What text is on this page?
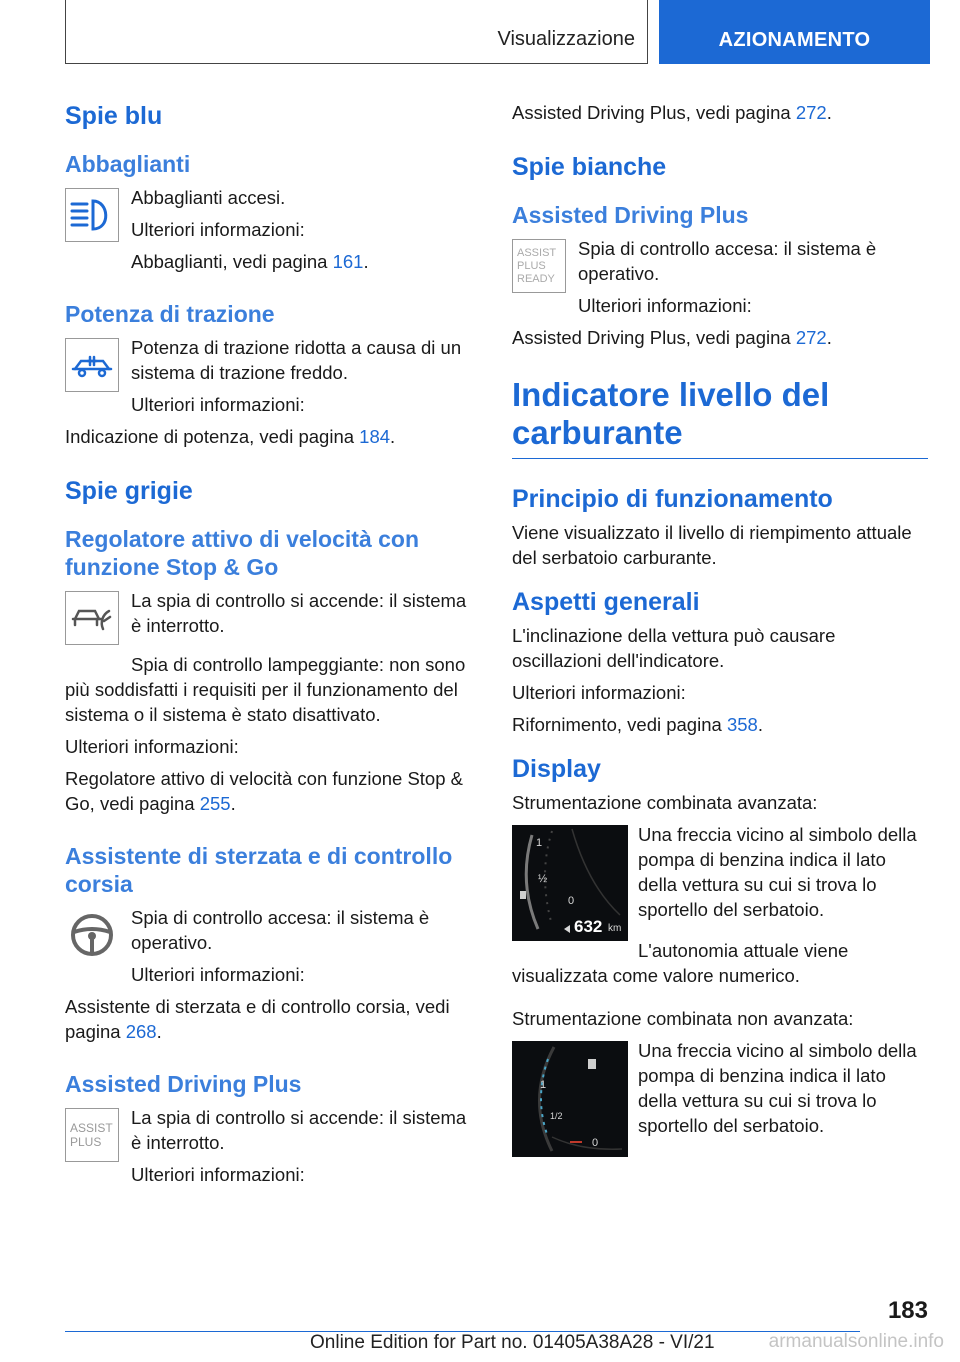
Visualizzazione	AZIONAMENTO
Spie blu
Abbaglianti

Abbaglianti accesi.

Ulteriori informazioni:

Abbaglianti, vedi pagina 161.

Potenza di trazione

Potenza di trazione ridotta a causa di un sistema di trazione freddo.

Ulteriori informazioni:

Indicazione di potenza, vedi pagina 184.

Spie grigie
Regolatore attivo di velocità con funzione Stop & Go

La spia di controllo si accende: il sistema è interrotto.

Spia di controllo lampeggiante: non sono più soddisfatti i requisiti per il funzionamento del sistema o il sistema è stato disattivato.

Ulteriori informazioni:

Regolatore attivo di velocità con funzione Stop & Go, vedi pagina 255.

Assistente di sterzata e di controllo corsia

Spia di controllo accesa: il sistema è operativo.

Ulteriori informazioni:

Assistente di sterzata e di controllo corsia, vedi pagina 268.

Assisted Driving Plus
ASSIST PLUS

La spia di controllo si accende: il sistema è interrotto.

Ulteriori informazioni:

Assisted Driving Plus, vedi pagina 272.

Spie bianche
Assisted Driving Plus
ASSIST PLUS READY

Spia di controllo accesa: il sistema è operativo.

Ulteriori informazioni:

Assisted Driving Plus, vedi pagina 272.

Indicatore livello del carburante
Principio di funzionamento

Viene visualizzato il livello di riempimento attuale del serbatoio carburante.

Aspetti generali

L'inclinazione della vettura può causare oscillazioni dell'indicatore.

Ulteriori informazioni:

Rifornimento, vedi pagina 358.

Display

Strumentazione combinata avanzata:

1
½
0
632 km

Una freccia vicino al simbolo della pompa di benzina indica il lato della vettura su cui si trova lo sportello del serbatoio.

L'autonomia attuale viene visualizzata come valore numerico.

Strumentazione combinata non avanzata:

1
1/2
0

Una freccia vicino al simbolo della pompa di benzina indica il lato della vettura su cui si trova lo sportello del serbatoio.

183
Online Edition for Part no. 01405A38A28 - VI/21	armanualsonline.info
